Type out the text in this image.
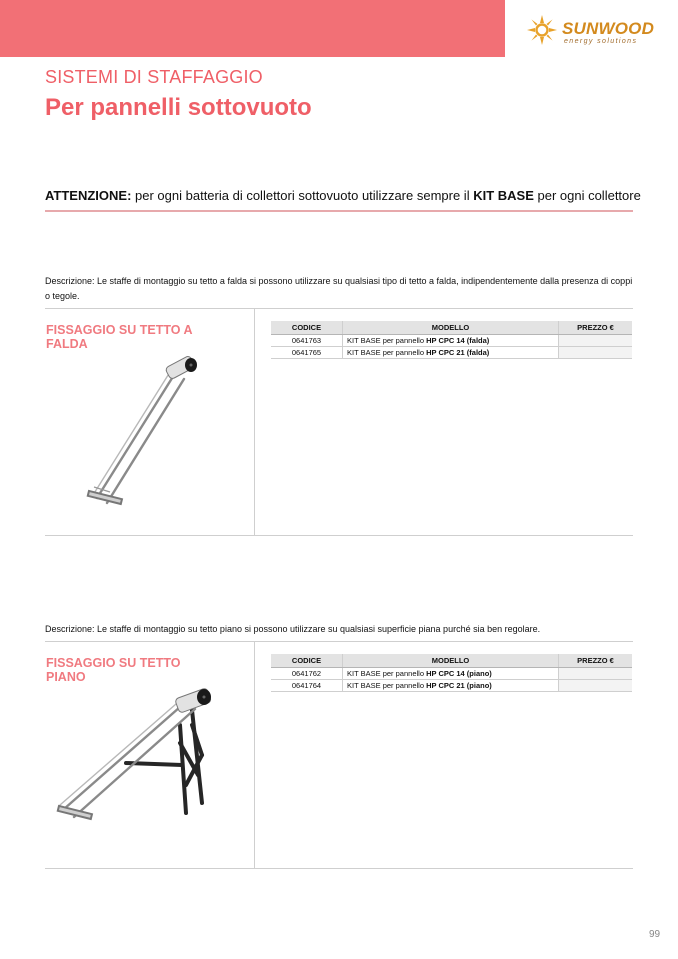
SUNWOOD
energy solutions
SISTEMI DI STAFFAGGIO
Per pannelli sottovuoto
ATTENZIONE: per ogni batteria di collettori sottovuoto utilizzare sempre il KIT BASE per ogni collettore
Descrizione: Le staffe di montaggio su tetto a falda si possono utilizzare su qualsiasi tipo di tetto a falda, indipendentemente dalla presenza di coppi o tegole.
FISSAGGIO SU TETTO A FALDA
CODICE	MODELLO	PREZZO €
0641763	KIT BASE per pannello HP CPC 14 (falda)	
0641765	KIT BASE per pannello HP CPC 21 (falda)	
Descrizione: Le staffe di montaggio su tetto piano si possono utilizzare su qualsiasi superficie piana purché sia ben regolare.
FISSAGGIO SU TETTO PIANO
CODICE	MODELLO	PREZZO €
0641762	KIT BASE per pannello HP CPC 14 (piano)	
0641764	KIT BASE per pannello HP CPC 21 (piano)	
99
